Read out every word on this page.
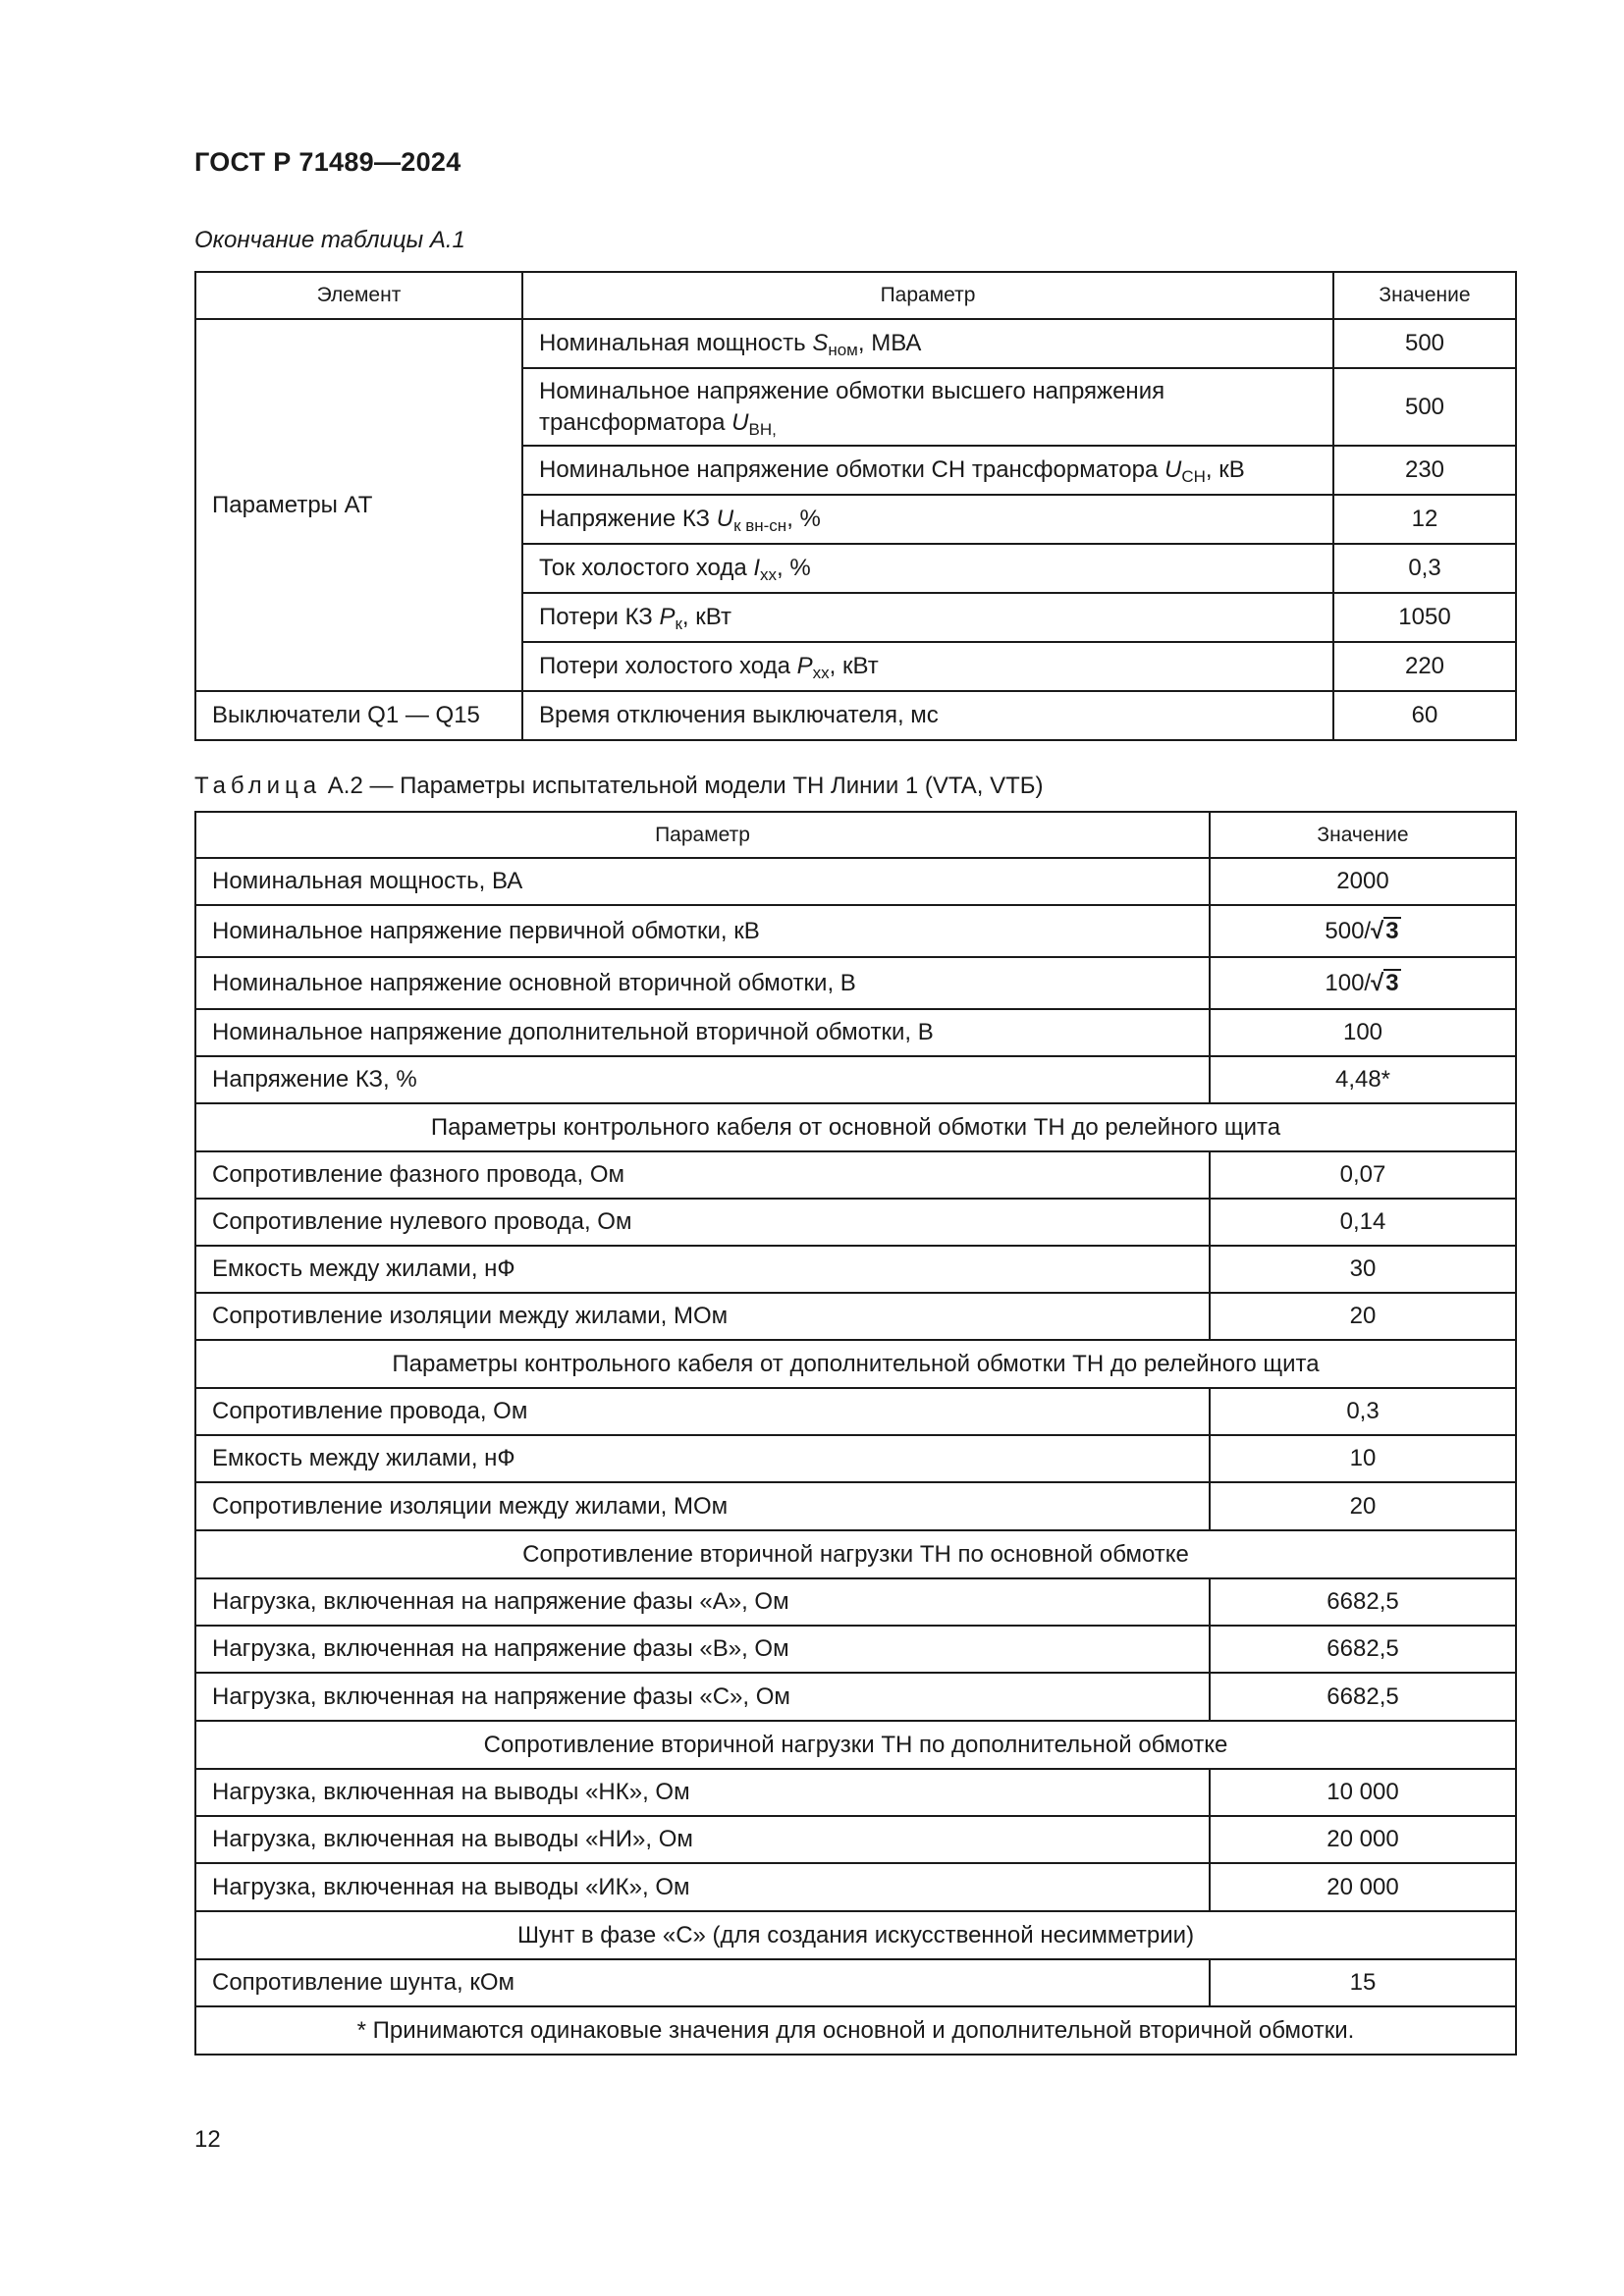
ГОСТ Р 71489—2024
Окончание таблицы А.1
Элемент	Параметр	Значение
Параметры АТ	Номинальная мощность $S_{ном}$, МВА	500
	Номинальное напряжение обмотки высшего напряжения
трансформатора $U_{ВН,}$	500
	Номинальное напряжение обмотки СН трансформатора $U_{СН}$, кВ	230
	Напряжение КЗ $U_{к вн-сн}$, %	12
	Ток холостого хода $I_{хх}$, %	0,3
	Потери КЗ $P_к$, кВт	1050
	Потери холостого хода $P_{хх}$, кВт	220
Выключатели Q1 — Q15	Время отключения выключателя, мс	60
Таблица А.2 — Параметры испытательной модели ТН Линии 1 (VTA, VTБ)
Параметр	Значение
Номинальная мощность, ВА	2000
Номинальное напряжение первичной обмотки, кВ	500/√3
Номинальное напряжение основной вторичной обмотки, В	100/√3
Номинальное напряжение дополнительной вторичной обмотки, В	100
Напряжение КЗ, %	4,48*
Параметры контрольного кабеля от основной обмотки ТН до релейного щита	
Сопротивление фазного провода, Ом	0,07
Сопротивление нулевого провода, Ом	0,14
Емкость между жилами, нФ	30
Сопротивление изоляции между жилами, МОм	20
Параметры контрольного кабеля от дополнительной обмотки ТН до релейного щита	
Сопротивление провода, Ом	0,3
Емкость между жилами, нФ	10
Сопротивление изоляции между жилами, МОм	20
Сопротивление вторичной нагрузки ТН по основной обмотке	
Нагрузка, включенная на напряжение фазы «А», Ом	6682,5
Нагрузка, включенная на напряжение фазы «В», Ом	6682,5
Нагрузка, включенная на напряжение фазы «С», Ом	6682,5
Сопротивление вторичной нагрузки ТН по дополнительной обмотке	
Нагрузка, включенная на выводы «НК», Ом	10 000
Нагрузка, включенная на выводы «НИ», Ом	20 000
Нагрузка, включенная на выводы «ИК», Ом	20 000
Шунт в фазе «С» (для создания искусственной несимметрии)	
Сопротивление шунта, кОм	15
* Принимаются одинаковые значения для основной и дополнительной вторичной обмотки.	
12
